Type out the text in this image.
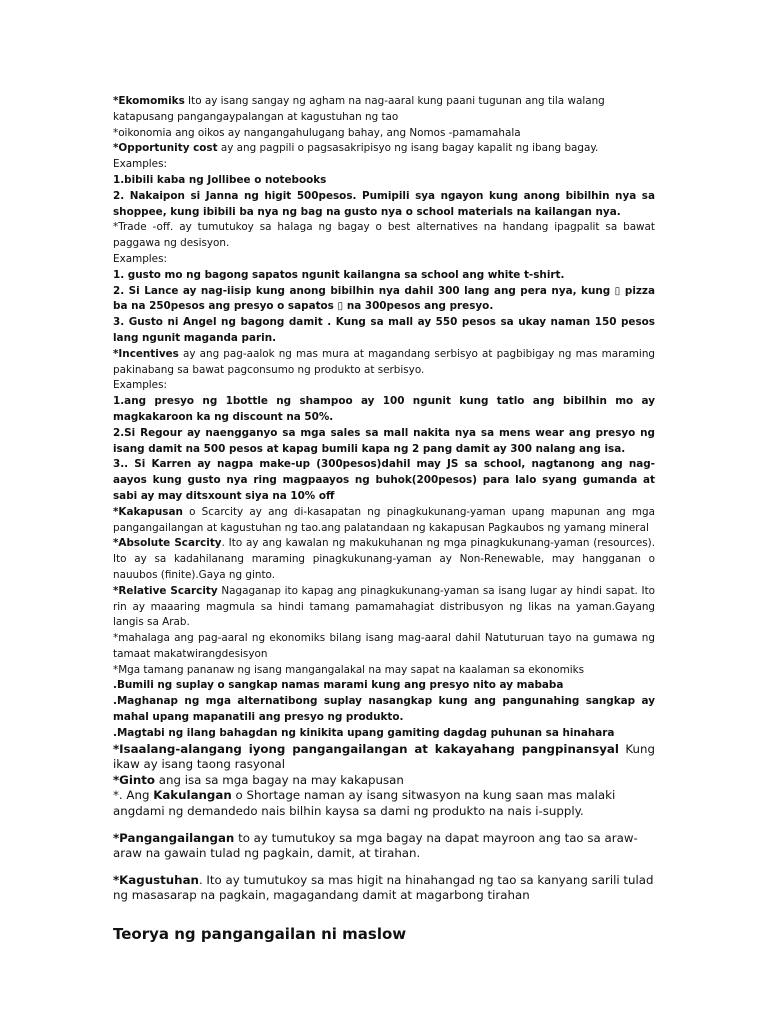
*Ekomomiks Ito ay isang sangay ng agham na nag-aaral kung paani tugunan ang tila walang katapusang pangangaypalangan at kagustuhan ng tao

*oikonomia ang oikos ay nangangahulugang bahay, ang Nomos -pamamahala

*Opportunity cost ay ang pagpili o pagsasakripisyo ng isang bagay kapalit ng ibang bagay.

Examples:

1.bibili kaba ng Jollibee o notebooks

2. Nakaipon si Janna ng higit 500pesos. Pumipili sya ngayon kung anong bibilhin nya sa shoppee, kung ibibili ba nya ng bag na gusto nya o school materials na kailangan nya.

*Trade -off. ay tumutukoy sa halaga ng bagay o best alternatives na handang ipagpalit sa bawat paggawa ng desisyon.

Examples:

1. gusto mo ng bagong sapatos ngunit kailangna sa school ang white t-shirt.

2. Si Lance ay nag-iisip kung anong bibilhin nya dahil 300 lang ang pera nya, kung ▯ pizza ba na 250pesos ang presyo o sapatos ▯ na 300pesos ang presyo.

3. Gusto ni Angel ng bagong damit . Kung sa mall ay 550 pesos sa ukay naman 150 pesos lang ngunit maganda parin.

*Incentives ay ang pag-aalok ng mas mura at magandang serbisyo at pagbibigay ng mas maraming pakinabang sa bawat pagconsumo ng produkto at serbisyo.

Examples:

1.ang presyo ng 1bottle ng shampoo ay 100 ngunit kung tatlo ang bibilhin mo ay magkakaroon ka ng discount na 50%.

2.Si Regour ay naengganyo sa mga sales sa mall nakita nya sa mens wear ang presyo ng isang damit na 500 pesos at kapag bumili kapa ng 2 pang damit ay 300 nalang ang isa.

3.. Si Karren ay nagpa make-up (300pesos)dahil may JS sa school, nagtanong ang nag-aayos kung gusto nya ring magpaayos ng buhok(200pesos) para lalo syang gumanda at sabi ay may ditsxount siya na 10% off

*Kakapusan o Scarcity ay ang di-kasapatan ng pinagkukunang-yaman upang mapunan ang mga pangangailangan at kagustuhan ng tao.ang palatandaan ng kakapusan Pagkaubos ng yamang mineral

*Absolute Scarcity. Ito ay ang kawalan ng makukuhanan ng mga pinagkukunang-yaman (resources). Ito ay sa kadahilanang maraming pinagkukunang-yaman ay Non-Renewable, may hangganan o nauubos (finite).Gaya ng ginto.

*Relative Scarcity Nagaganap ito kapag ang pinagkukunang-yaman sa isang lugar ay hindi sapat. Ito rin ay maaaring magmula sa hindi tamang pamamahagiat distribusyon ng likas na yaman.Gayang langis sa Arab.

*mahalaga ang pag-aaral ng ekonomiks bilang isang mag-aaral dahil Natuturuan tayo na gumawa ng tamaat makatwirangdesisyon

*Mga tamang pananaw ng isang mangangalakal na may sapat na kaalaman sa ekonomiks

.Bumili ng suplay o sangkap namas marami kung ang presyo nito ay mababa

.Maghanap ng mga alternatibong suplay nasangkap kung ang pangunahing sangkap ay mahal upang mapanatili ang presyo ng produkto.

.Magtabi ng ilang bahagdan ng kinikita upang gamiting dagdag puhunan sa hinahara

*Isaalang-alangang iyong pangangailangan at kakayahang pangpinansyal Kung ikaw ay isang taong rasyonal

*Ginto ang isa sa mga bagay na may kakapusan

*. Ang Kakulangan o Shortage naman ay isang sitwasyon na kung saan mas malaki angdami ng demandedo nais bilhin kaysa sa dami ng produkto na nais i-supply.

*Pangangailangan to ay tumutukoy sa mga bagay na dapat mayroon ang tao sa araw-araw na gawain tulad ng pagkain, damit, at tirahan.

*Kagustuhan. Ito ay tumutukoy sa mas higit na hinahangad ng tao sa kanyang sarili tulad ng masasarap na pagkain, magagandang damit at magarbong tirahan

Teorya ng pangangailan ni maslow
